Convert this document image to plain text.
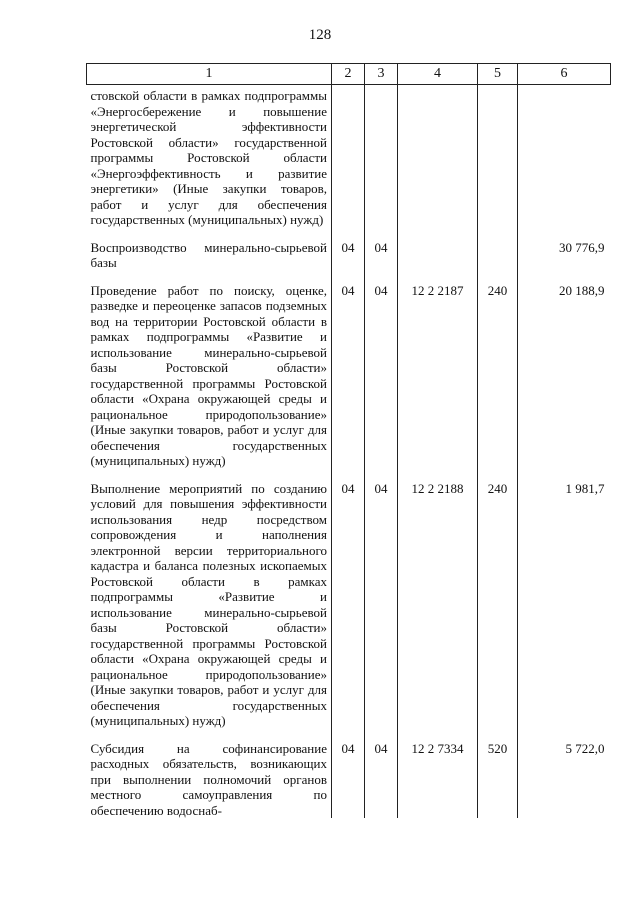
128
1	2	3	4	5	6
стовской области в рамках подпрограммы «Энергосбережение и повышение энергетической эффективности Ростовской области» государственной программы Ростовской области «Энергоэффективность и развитие энергетики» (Иные закупки товаров, работ и услуг для обеспечения государственных (муниципальных) нужд)					
Воспроизводство минерально-сырьевой базы	04	04			30 776,9
Проведение работ по поиску, оценке, разведке и переоценке запасов подземных вод на территории Ростовской области в рамках подпрограммы «Развитие и использование минерально-сырьевой базы Ростовской области» государственной программы Ростовской области «Охрана окружающей среды и рациональное природопользование» (Иные закупки товаров, работ и услуг для обеспечения государственных (муниципальных) нужд)	04	04	12 2 2187	240	20 188,9
Выполнение мероприятий по созданию условий для повышения эффективности использования недр посредством сопровождения и наполнения электронной версии территориального кадастра и баланса полезных ископаемых Ростовской области в рамках подпрограммы «Развитие и использование минерально-сырьевой базы Ростовской области» государственной программы Ростовской области «Охрана окружающей среды и рациональное природопользование» (Иные закупки товаров, работ и услуг для обеспечения государственных (муниципальных) нужд)	04	04	12 2 2188	240	1 981,7
Субсидия на софинансирование расходных обязательств, возникающих при выполнении полномочий органов местного самоуправления по обеспечению водоснаб-	04	04	12 2 7334	520	5 722,0
